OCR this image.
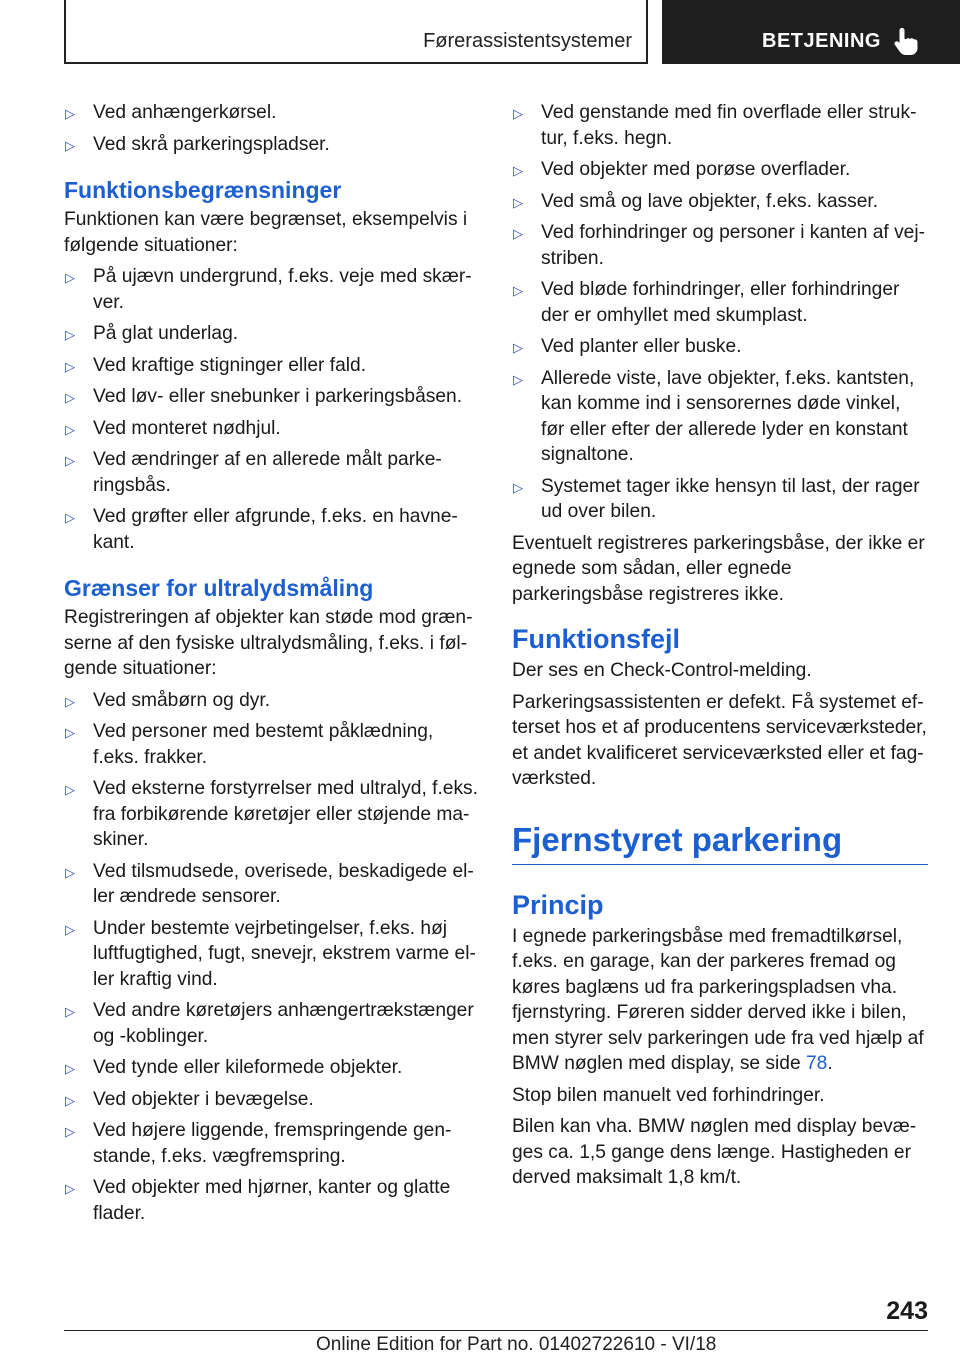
Førerassistentsystemer	BETJENING
▷ Ved anhængerkørsel.
▷ Ved skrå parkeringspladser.
Funktionsbegrænsninger
Funktionen kan være begrænset, eksempelvis i følgende situationer:
▷ På ujævn undergrund, f.eks. veje med skærver.
▷ På glat underlag.
▷ Ved kraftige stigninger eller fald.
▷ Ved løv- eller snebunker i parkeringsbåsen.
▷ Ved monteret nødhjul.
▷ Ved ændringer af en allerede målt parkeringsbås.
▷ Ved grøfter eller afgrunde, f.eks. en havnekant.
Grænser for ultralydsmåling
Registreringen af objekter kan støde mod grænserne af den fysiske ultralydsmåling, f.eks. i følgende situationer:
▷ Ved småbørn og dyr.
▷ Ved personer med bestemt påklædning, f.eks. frakker.
▷ Ved eksterne forstyrrelser med ultralyd, f.eks. fra forbikørende køretøjer eller støjende maskiner.
▷ Ved tilsmudsede, overisede, beskadigede eller ændrede sensorer.
▷ Under bestemte vejrbetingelser, f.eks. høj luftfugtighed, fugt, snevejr, ekstrem varme eller kraftig vind.
▷ Ved andre køretøjers anhængertrækstænger og -koblinger.
▷ Ved tynde eller kileformede objekter.
▷ Ved objekter i bevægelse.
▷ Ved højere liggende, fremspringende genstande, f.eks. vægfremspring.
▷ Ved objekter med hjørner, kanter og glatte flader.
▷ Ved genstande med fin overflade eller struktur, f.eks. hegn.
▷ Ved objekter med porøse overflader.
▷ Ved små og lave objekter, f.eks. kasser.
▷ Ved forhindringer og personer i kanten af vejstriben.
▷ Ved bløde forhindringer, eller forhindringer der er omhyllet med skumplast.
▷ Ved planter eller buske.
▷ Allerede viste, lave objekter, f.eks. kantsten, kan komme ind i sensorernes døde vinkel, før eller efter der allerede lyder en konstant signaltone.
▷ Systemet tager ikke hensyn til last, der rager ud over bilen.
Eventuelt registreres parkeringsbåse, der ikke er egnede som sådan, eller egnede parkeringsbåse registreres ikke.
Funktionsfejl
Der ses en Check-Control-melding.
Parkeringsassistenten er defekt. Få systemet efterset hos et af producentens serviceværksteder, et andet kvalificeret serviceværksted eller et fagværksted.
Fjernstyret parkering
Princip
I egnede parkeringsbåse med fremadtilkørsel, f.eks. en garage, kan der parkeres fremad og køres baglæns ud fra parkeringspladsen vha. fjernstyring. Føreren sidder derved ikke i bilen, men styrer selv parkeringen ude fra ved hjælp af BMW nøglen med display, se side 78.
Stop bilen manuelt ved forhindringer.
Bilen kan vha. BMW nøglen med display bevæges ca. 1,5 gange dens længe. Hastigheden er derved maksimalt 1,8 km/t.
243
Online Edition for Part no. 01402722610 - VI/18
